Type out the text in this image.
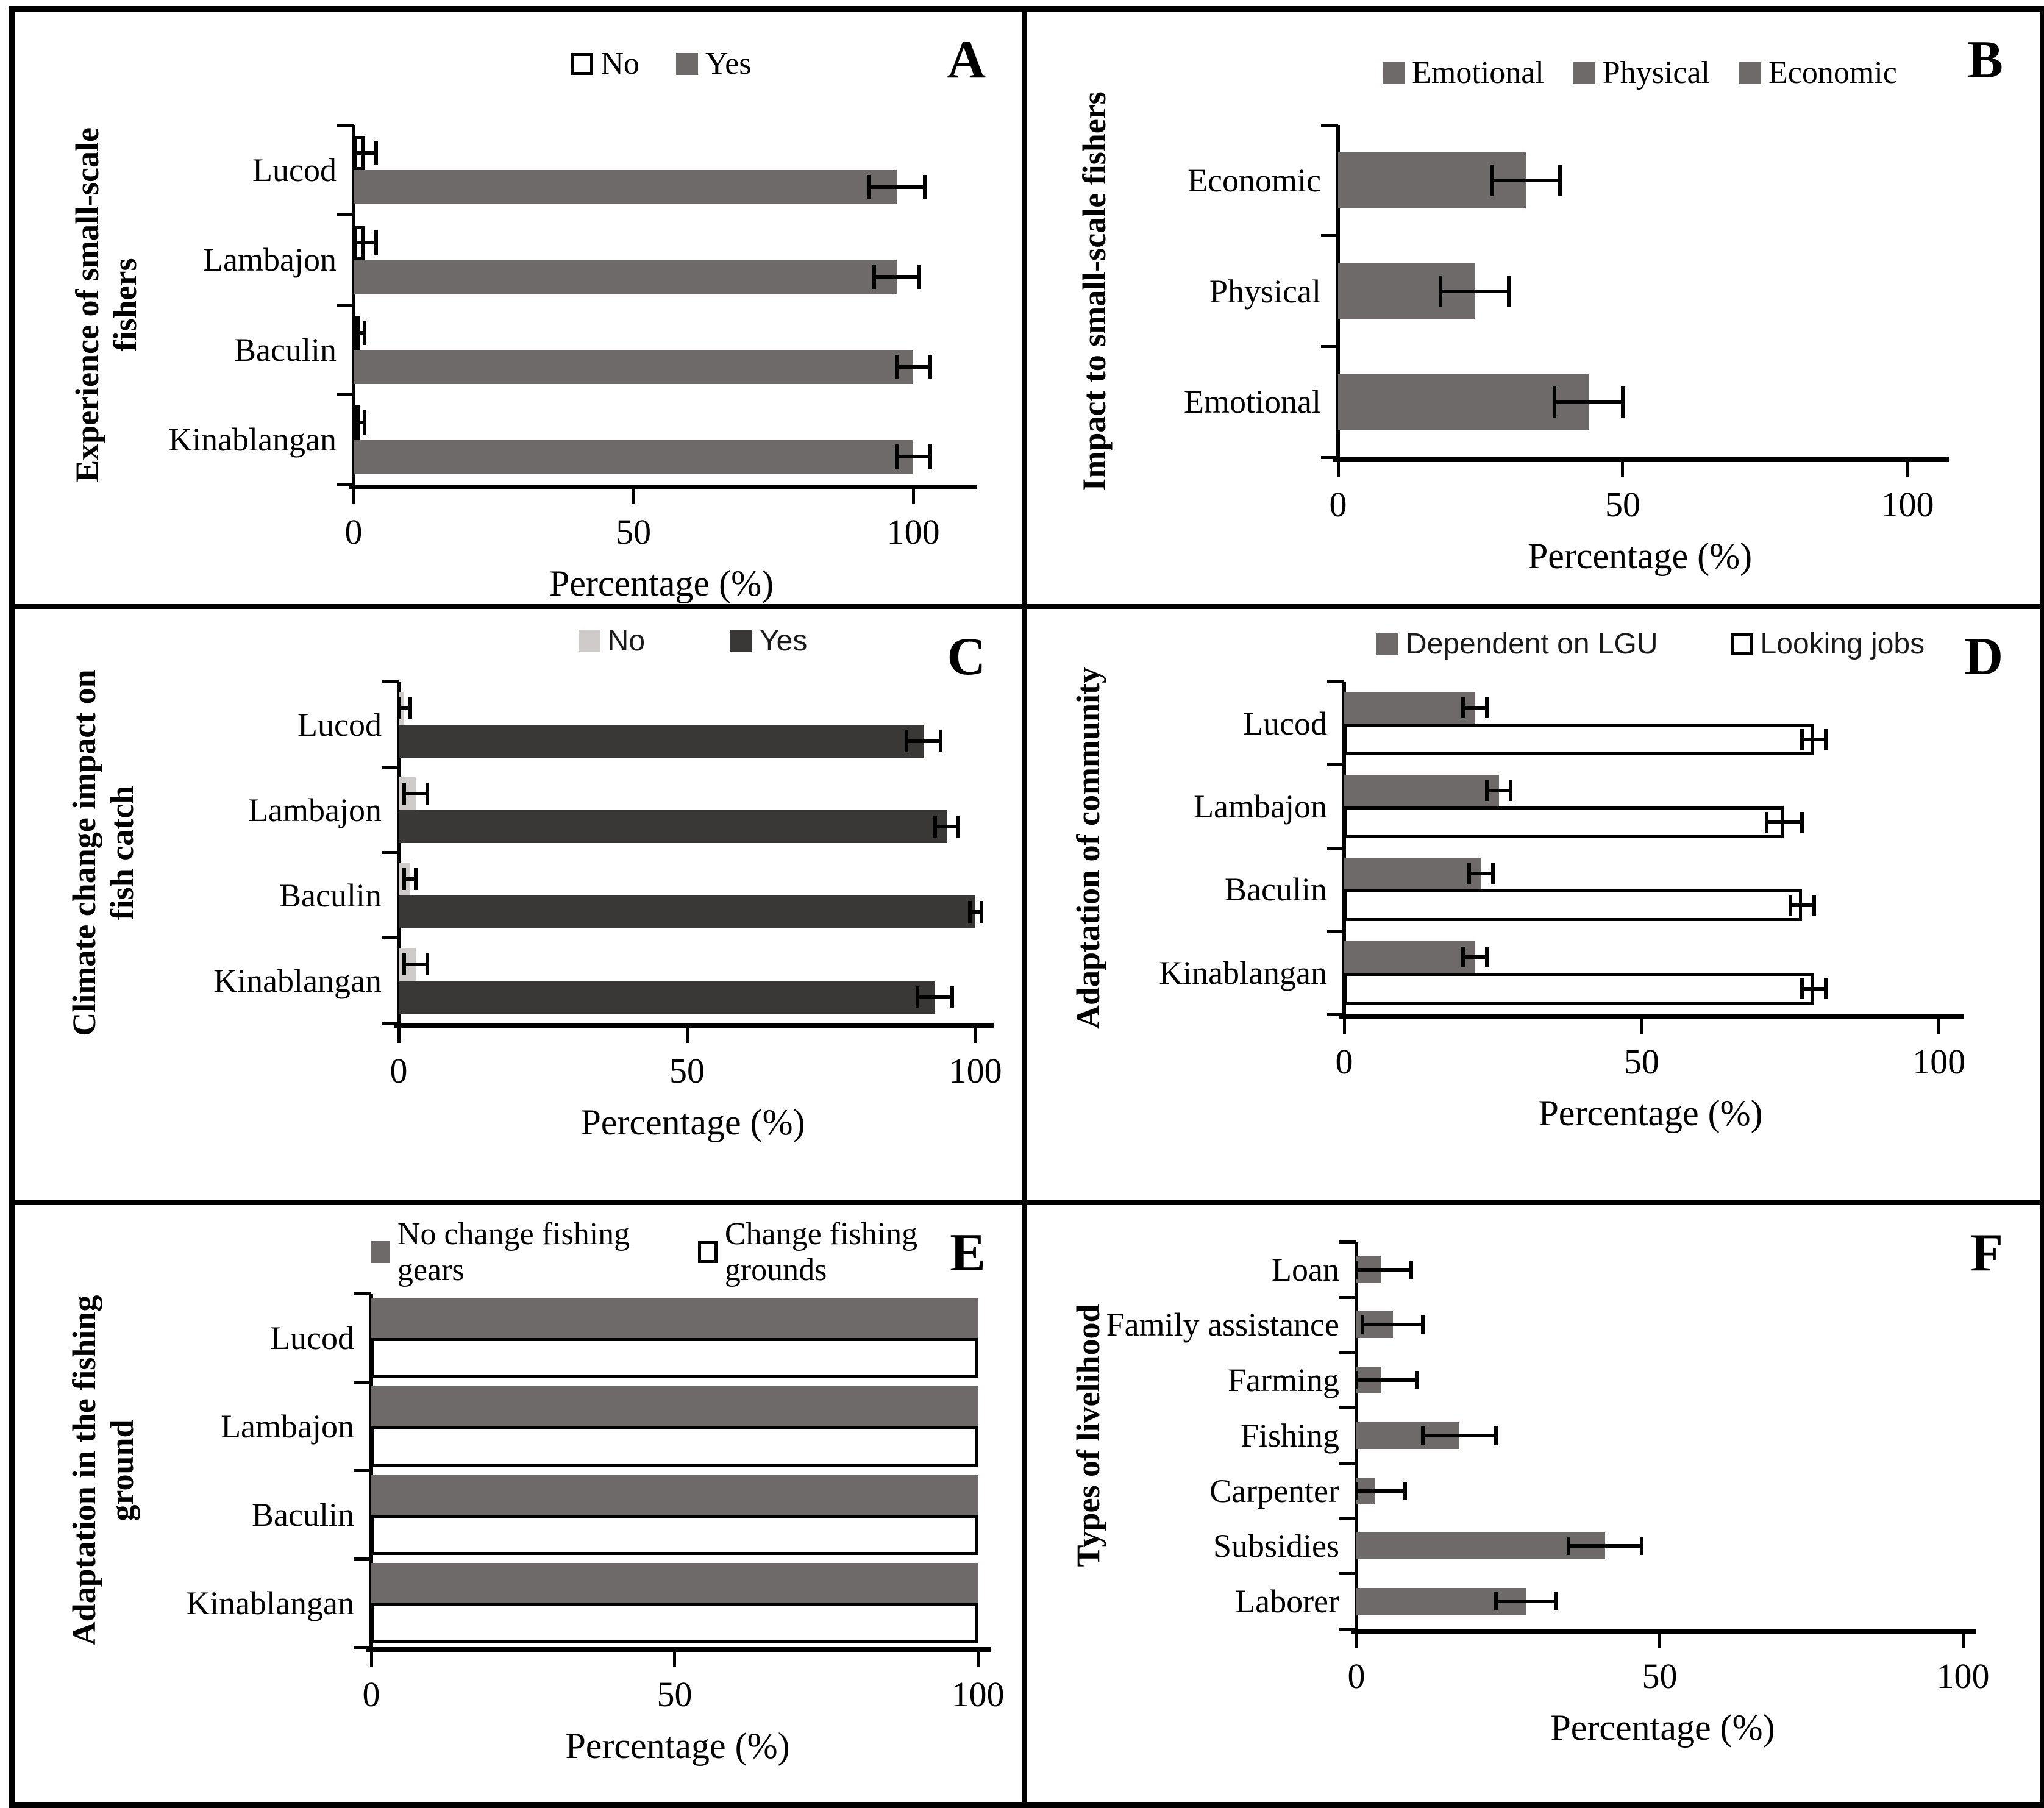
No Yes	A
Experience of small-scale fishers
0	50	100
Percentage (%)
Lucod
Lambajon
Baculin
Kinablangan
Emotional Physical Economic B
Impact to small-scale fishers
0	50	100
Percentage (%)
Economic
Physical
Emotional
No	Yes	C
Climate change impact on fish catch
0	50	100
Percentage (%)
Lucod
Lambajon
Baculin
Kinablangan
Dependent on LGU	Looking jobs D
Adaptation of community
0	50	100
Percentage (%)
Lucod
Lambajon
Baculin
Kinablangan
No change fishing gears
Change fishing grounds	E
Adaptation in the fishing ground
0	50	100
Percentage (%)
Lucod
Lambajon
Baculin
Kinablangan
F
Types of livelihood
0	50	100
Percentage (%)
Loan
Family assistance
Farming
Fishing
Carpenter
Subsidies
Laborer
